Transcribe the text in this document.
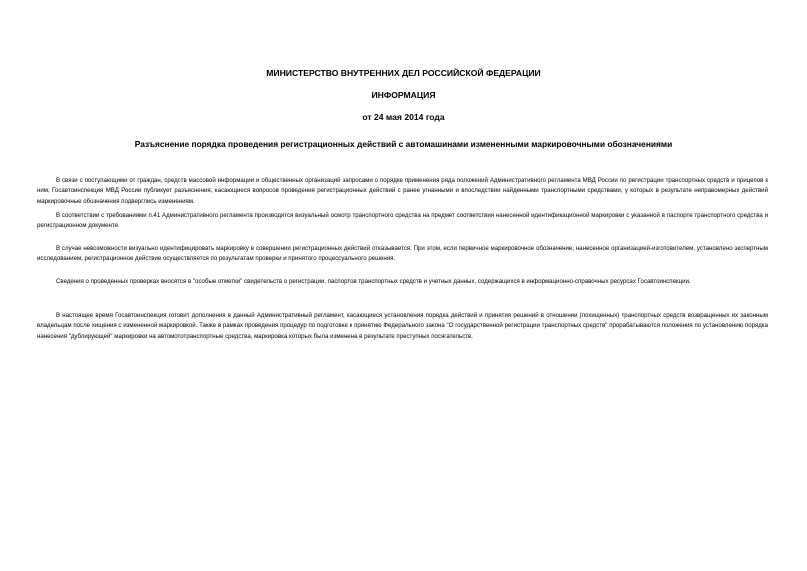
МИНИСТЕРСТВО ВНУТРЕННИХ ДЕЛ РОССИЙСКОЙ ФЕДЕРАЦИИ
ИНФОРМАЦИЯ
от 24 мая 2014 года
Разъяснение порядка проведения регистрационных действий с автомашинами измененными маркировочными обозначениями

В связи с поступающими от граждан, средств массовой информации и общественных организаций запросами о порядке применения ряда положений Административного регламента МВД России по регистрации транспортных средств и прицепов к ним, Госавтоинспекция МВД России публикует разъяснения, касающиеся вопросов проведения регистрационных действий с ранее угнанными и впоследствии найденными транспортными средствами, у которых в результате неправомерных действий маркировочные обозначения подверглись изменениям.

В соответствии с требованиями п.41 Административного регламента производится визуальный осмотр транспортного средства на предмет соответствия нанесенной идентификационной маркировки с указанной в паспорте транспортного средства и регистрационном документе.

В случае невозможности визуально идентифицировать маркировку в совершении регистрационных действий отказывается. При этом, если первичное маркировочное обозначение, нанесенное организацией-изготовителем, установлено экспертным исследованием, регистрационное действие осуществляется по результатам проверки и принятого процессуального решения.

Сведения о проведенных проверках вносятся в "особые отметки" свидетельств о регистрации, паспортов транспортных средств и учетных данных, содержащихся в информационно-справочных ресурсах Госавтоинспекции.

В настоящее время Госавтоинспекция готовит дополнения в данный Административный регламент, касающиеся установления порядка действий и принятия решений в отношении (похищенных) транспортных средств возвращенных их законным владельцам после хищения с измененной маркировкой. Также в рамках проведения процедур по подготовке к принятию Федерального закона "О государственной регистрации транспортных средств" прорабатываются положения по установлению порядка нанесения "дублирующей" маркировки на автомототранспортные средства, маркировка которых была изменена в результате преступных посягательств.
